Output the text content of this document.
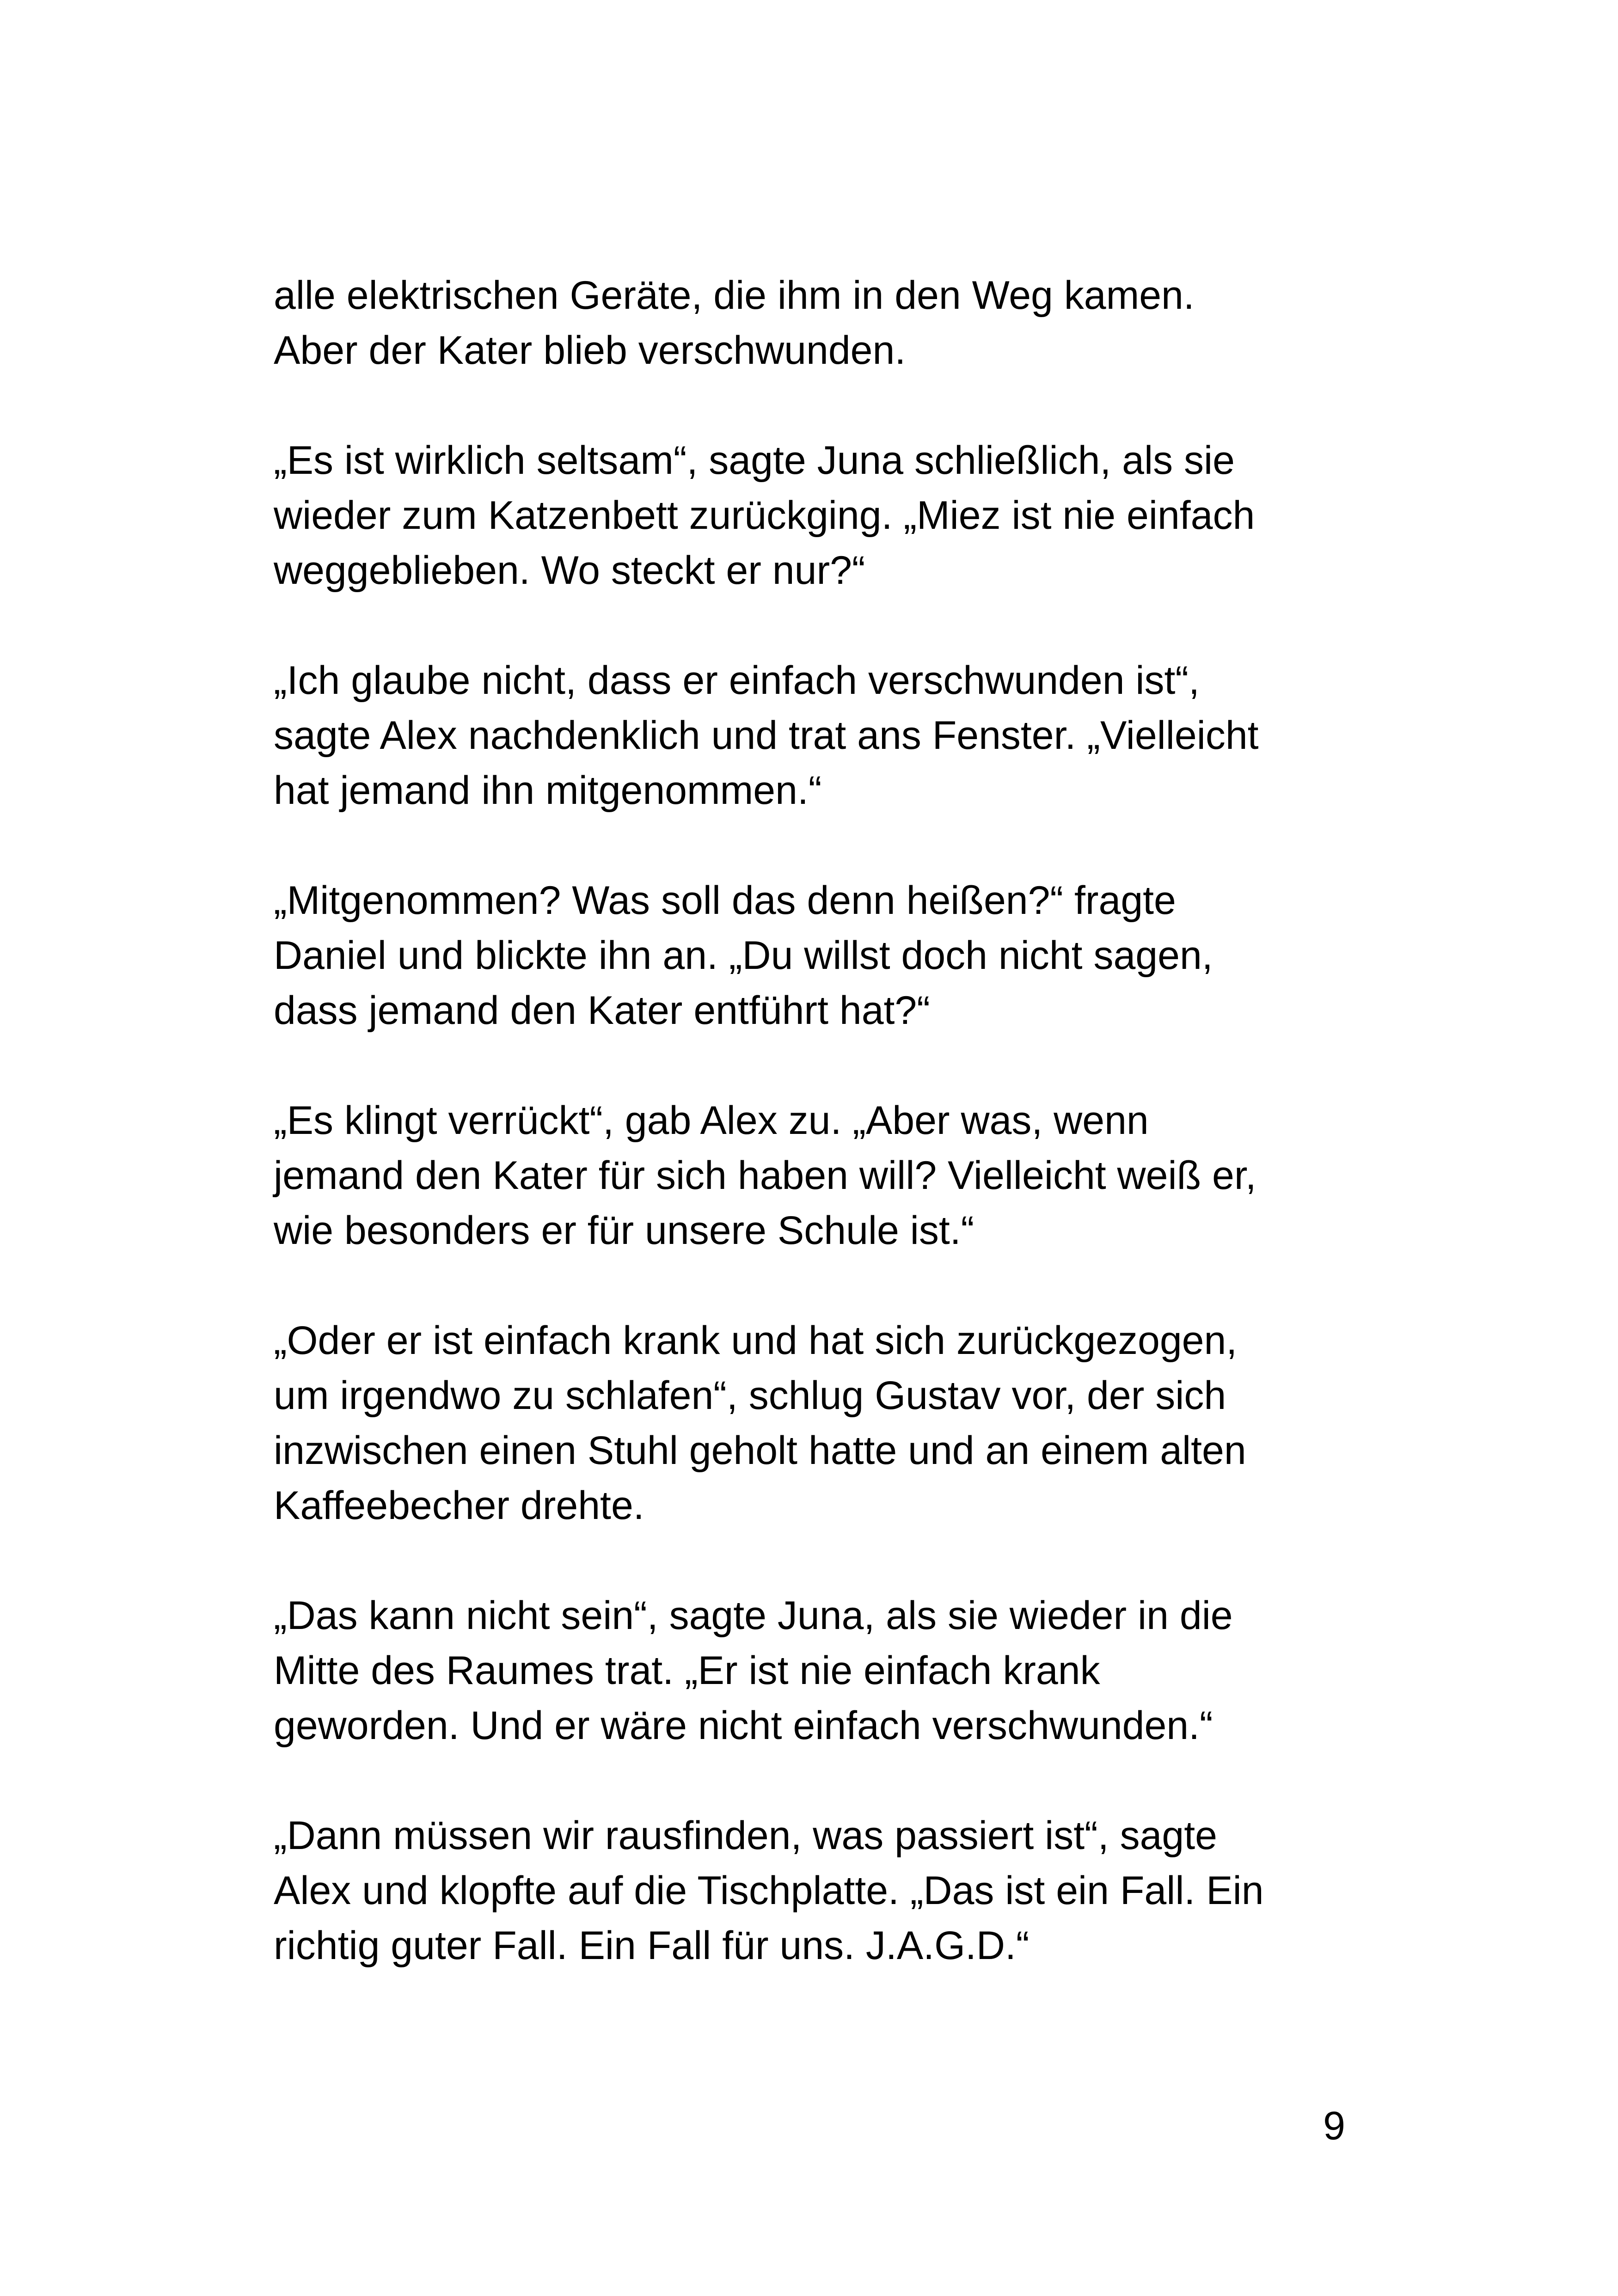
alle elektrischen Geräte, die ihm in den Weg kamen.
Aber der Kater blieb verschwunden.

„Es ist wirklich seltsam“, sagte Juna schließlich, als sie
wieder zum Katzenbett zurückging. „Miez ist nie einfach
weggeblieben. Wo steckt er nur?“

„Ich glaube nicht, dass er einfach verschwunden ist“,
sagte Alex nachdenklich und trat ans Fenster. „Vielleicht
hat jemand ihn mitgenommen.“

„Mitgenommen? Was soll das denn heißen?“ fragte
Daniel und blickte ihn an. „Du willst doch nicht sagen,
dass jemand den Kater entführt hat?“

„Es klingt verrückt“, gab Alex zu. „Aber was, wenn
jemand den Kater für sich haben will? Vielleicht weiß er,
wie besonders er für unsere Schule ist.“

„Oder er ist einfach krank und hat sich zurückgezogen,
um irgendwo zu schlafen“, schlug Gustav vor, der sich
inzwischen einen Stuhl geholt hatte und an einem alten
Kaffeebecher drehte.

„Das kann nicht sein“, sagte Juna, als sie wieder in die
Mitte des Raumes trat. „Er ist nie einfach krank
geworden. Und er wäre nicht einfach verschwunden.“

„Dann müssen wir rausfinden, was passiert ist“, sagte
Alex und klopfte auf die Tischplatte. „Das ist ein Fall. Ein
richtig guter Fall. Ein Fall für uns. J.A.G.D.“

9
